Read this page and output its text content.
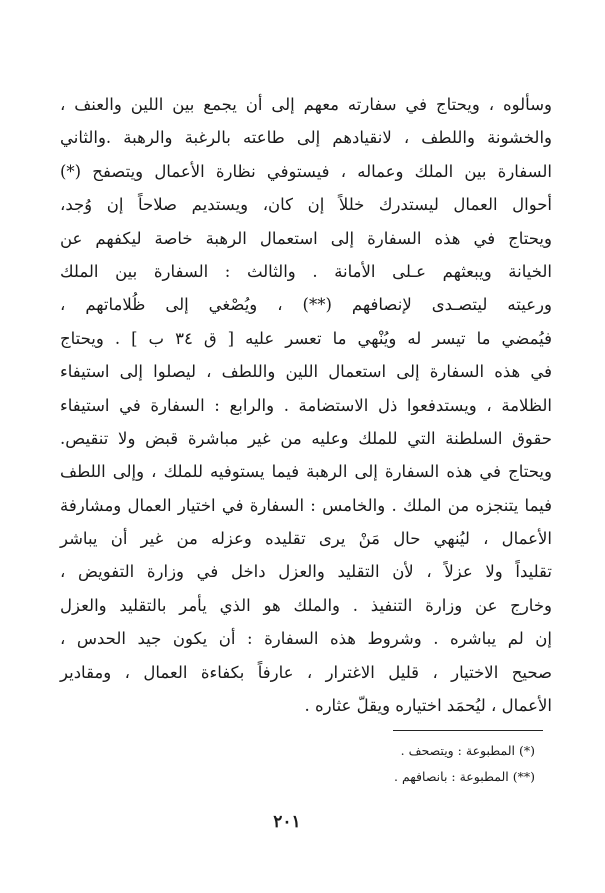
وسألوه ، ويحتاج في سفارته معهم إلى أن يجمع بين اللين والعنف ،
والخشونة واللطف ، لانقيادهم إلى طاعته بالرغبة والرهبة .والثاني
السفارة بين الملك وعماله ، فيستوفي نظارة الأعمال ويتصفح (*)
أحوال العمال ليستدرك خللاً إن كان، ويستديم صلاحاً إن وُجد،
ويحتاج في هذه السفارة إلى استعمال الرهبة خاصة ليكفهم عن
الخيانة ويبعثهم عـلى الأمانة . والثالث : السفارة بين الملك
ورعيته ليتصـدى لإنصافهم (**) ، ويُصْغي إلى ظُلاماتهم ،
فيُمضي ما تيسر له ويُنْهي ما تعسر عليه [ ق ٣٤ ب ] . ويحتاج
في هذه السفارة إلى استعمال اللين واللطف ، ليصلوا إلى استيفاء
الظلامة ، ويستدفعوا ذل الاستضامة . والرابع : السفارة في استيفاء
حقوق السلطنة التي للملك وعليه من غير مباشرة قبض ولا تنقيص.
ويحتاج في هذه السفارة إلى الرهبة فيما يستوفيه للملك ، وإلى اللطف
فيما يتنجزه من الملك . والخامس : السفارة في اختيار العمال ومشارفة
الأعمال ، ليُنهي حال مَنْ يرى تقليده وعزله من غير أن يباشر
تقليداً ولا عزلاً ، لأن التقليد والعزل داخل في وزارة التفويض ،
وخارج عن وزارة التنفيذ . والملك هو الذي يأمر بالتقليد والعزل
إن لم يباشره . وشروط هذه السفارة : أن يكون جيد الحدس ،
صحيح الاختيار ، قليل الاغترار ، عارفاً بكفاءة العمال ، ومقادير
الأعمال ، ليُحمَد اختياره ويقلّ عثاره .
(*) المطبوعة : ويتصحف .
(**) المطبوعة : بانصافهم .
٢٠١
